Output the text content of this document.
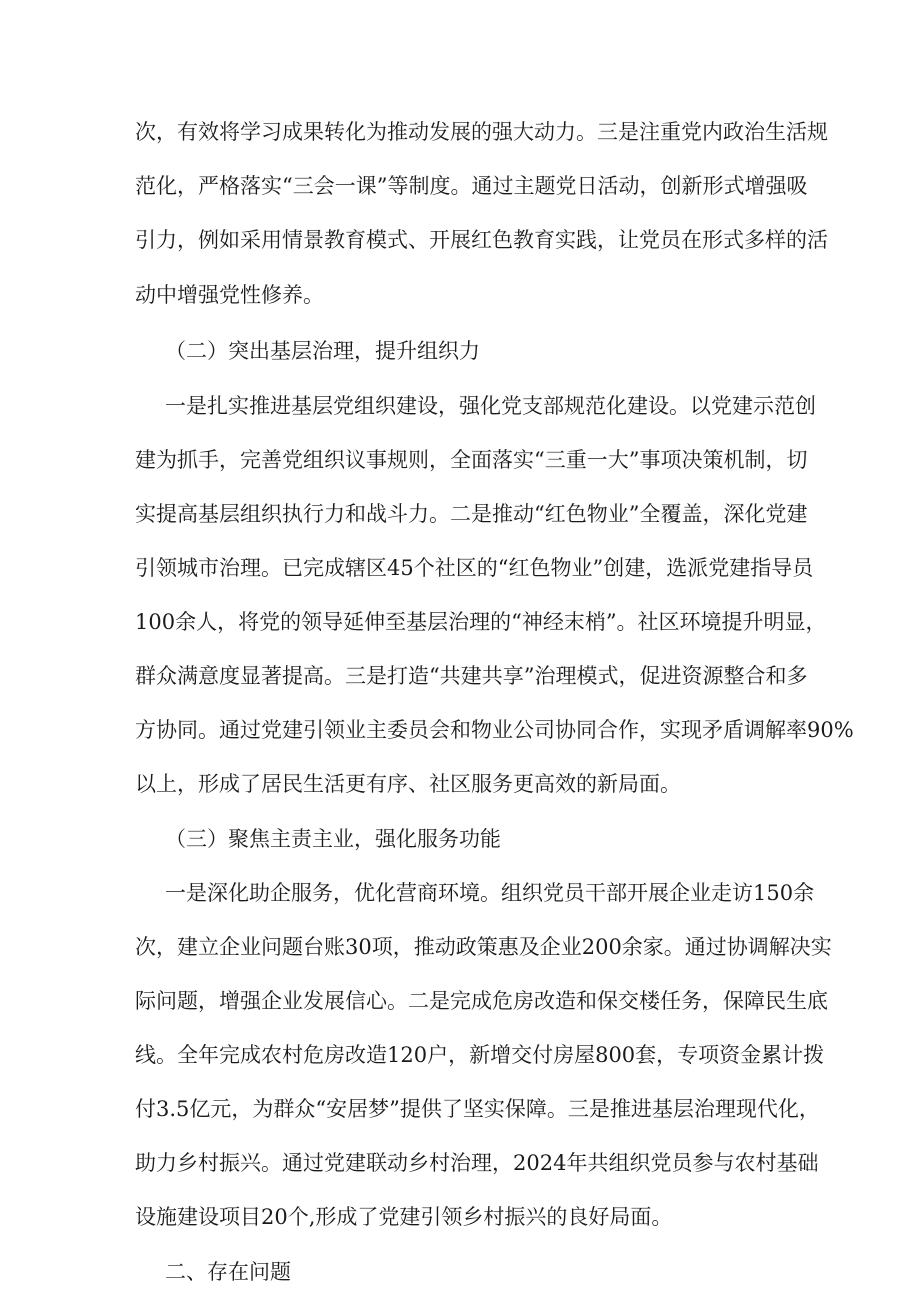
次，有效将学习成果转化为推动发展的强大动力。三是注重党内政治生活规
范化，严格落实“三会一课”等制度。通过主题党日活动，创新形式增强吸
引力，例如采用情景教育模式、开展红色教育实践，让党员在形式多样的活
动中增强党性修养。
（二）突出基层治理，提升组织力
一是扎实推进基层党组织建设，强化党支部规范化建设。以党建示范创
建为抓手，完善党组织议事规则，全面落实“三重一大”事项决策机制，切
实提高基层组织执行力和战斗力。二是推动“红色物业”全覆盖，深化党建
引领城市治理。已完成辖区45个社区的“红色物业”创建，选派党建指导员
100余人，将党的领导延伸至基层治理的“神经末梢”。社区环境提升明显，
群众满意度显著提高。三是打造“共建共享”治理模式，促进资源整合和多
方协同。通过党建引领业主委员会和物业公司协同合作，实现矛盾调解率90%
以上，形成了居民生活更有序、社区服务更高效的新局面。
（三）聚焦主责主业，强化服务功能
一是深化助企服务，优化营商环境。组织党员干部开展企业走访150余
次，建立企业问题台账30项，推动政策惠及企业200余家。通过协调解决实
际问题，增强企业发展信心。二是完成危房改造和保交楼任务，保障民生底
线。全年完成农村危房改造120户，新增交付房屋800套，专项资金累计拨
付3.5亿元，为群众“安居梦”提供了坚实保障。三是推进基层治理现代化，
助力乡村振兴。通过党建联动乡村治理，2024年共组织党员参与农村基础
设施建设项目20个,形成了党建引领乡村振兴的良好局面。
二、存在问题
